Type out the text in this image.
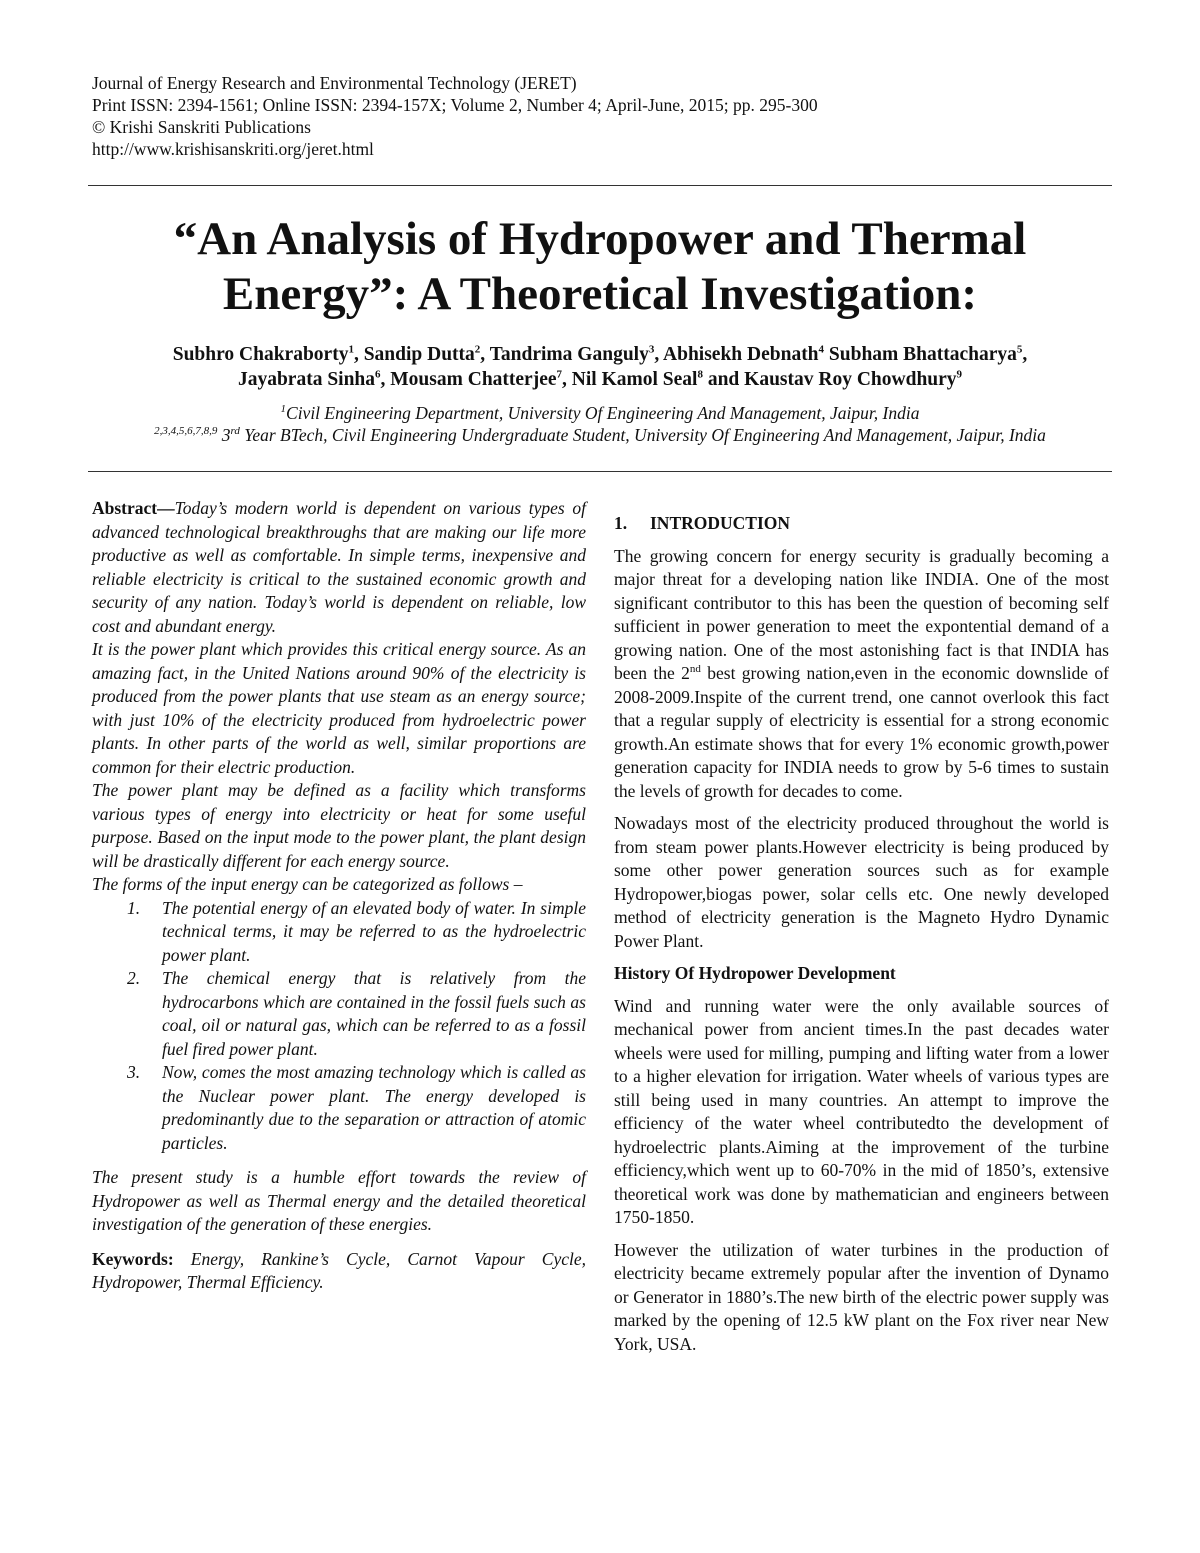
Journal of Energy Research and Environmental Technology (JERET)
Print ISSN: 2394-1561; Online ISSN: 2394-157X; Volume 2, Number 4; April-June, 2015; pp. 295-300
© Krishi Sanskriti Publications
http://www.krishisanskriti.org/jeret.html
“An Analysis of Hydropower and Thermal
Energy”: A Theoretical Investigation:
Subhro Chakraborty$^1$, Sandip Dutta$^2$, Tandrima Ganguly$^3$, Abhisekh Debnath$^4$ Subham Bhattacharya$^5$,
Jayabrata Sinha$^6$, Mousam Chatterjee$^7$, Nil Kamol Seal$^8$ and Kaustav Roy Chowdhury$^9$
$^1$Civil Engineering Department, University Of Engineering And Management, Jaipur, India
$^{2,3,4,5,6,7,8,9}$ 3rd Year BTech, Civil Engineering Undergraduate Student, University Of Engineering And Management, Jaipur, India

Abstract—Today’s modern world is dependent on various types of advanced technological breakthroughs that are making our life more productive as well as comfortable. In simple terms, inexpensive and reliable electricity is critical to the sustained economic growth and security of any nation. Today’s world is dependent on reliable, low cost and abundant energy.

It is the power plant which provides this critical energy source. As an amazing fact, in the United Nations around 90% of the electricity is produced from the power plants that use steam as an energy source; with just 10% of the electricity produced from hydroelectric power plants. In other parts of the world as well, similar proportions are common for their electric production.

The power plant may be defined as a facility which transforms various types of energy into electricity or heat for some useful purpose. Based on the input mode to the power plant, the plant design will be drastically different for each energy source.

The forms of the input energy can be categorized as follows –

1. The potential energy of an elevated body of water. In simple technical terms, it may be referred to as the hydroelectric power plant.
2. The chemical energy that is relatively from the hydrocarbons which are contained in the fossil fuels such as coal, oil or natural gas, which can be referred to as a fossil fuel fired power plant.
3. Now, comes the most amazing technology which is called as the Nuclear power plant. The energy developed is predominantly due to the separation or attraction of atomic particles.

The present study is a humble effort towards the review of Hydropower as well as Thermal energy and the detailed theoretical investigation of the generation of these energies.

Keywords: Energy, Rankine’s Cycle, Carnot Vapour Cycle, Hydropower, Thermal Efficiency.

1. INTRODUCTION

The growing concern for energy security is gradually becoming a major threat for a developing nation like INDIA. One of the most significant contributor to this has been the question of becoming self sufficient in power generation to meet the expontential demand of a growing nation. One of the most astonishing fact is that INDIA has been the 2nd best growing nation,even in the economic downslide of 2008-2009.Inspite of the current trend, one cannot overlook this fact that a regular supply of electricity is essential for a strong economic growth.An estimate shows that for every 1% economic growth,power generation capacity for INDIA needs to grow by 5-6 times to sustain the levels of growth for decades to come.

Nowadays most of the electricity produced throughout the world is from steam power plants.However electricity is being produced by some other power generation sources such as for example Hydropower,biogas power, solar cells etc. One newly developed method of electricity generation is the Magneto Hydro Dynamic Power Plant.

History Of Hydropower Development

Wind and running water were the only available sources of mechanical power from ancient times.In the past decades water wheels were used for milling, pumping and lifting water from a lower to a higher elevation for irrigation. Water wheels of various types are still being used in many countries. An attempt to improve the efficiency of the water wheel contributedto the development of hydroelectric plants.Aiming at the improvement of the turbine efficiency,which went up to 60-70% in the mid of 1850’s, extensive theoretical work was done by mathematician and engineers between 1750-1850.

However the utilization of water turbines in the production of electricity became extremely popular after the invention of Dynamo or Generator in 1880’s.The new birth of the electric power supply was marked by the opening of 12.5 kW plant on the Fox river near New York, USA.
